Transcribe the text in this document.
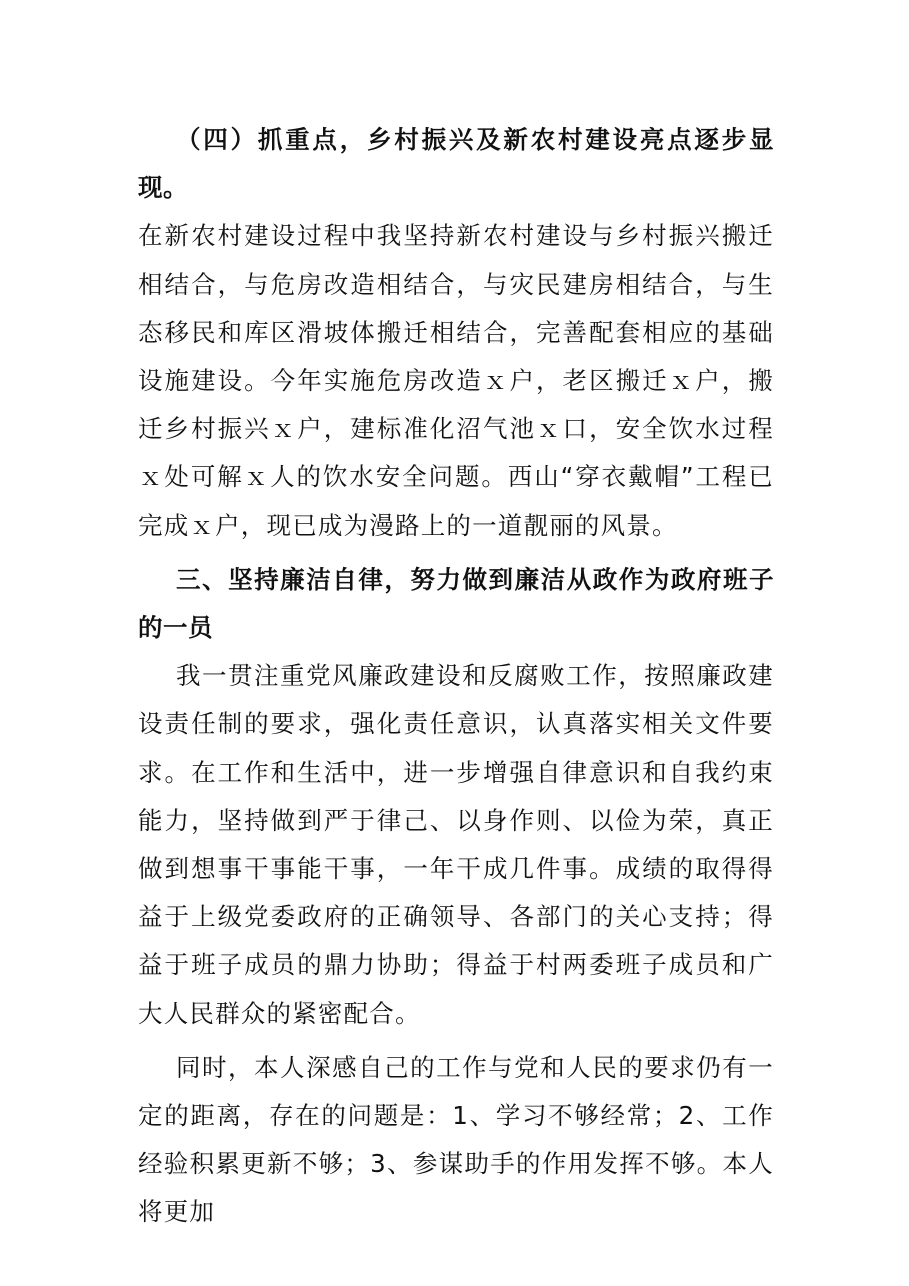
（四）抓重点，乡村振兴及新农村建设亮点逐步显现。

在新农村建设过程中我坚持新农村建设与乡村振兴搬迁相结合，与危房改造相结合，与灾民建房相结合，与生态移民和库区滑坡体搬迁相结合，完善配套相应的基础设施建设。今年实施危房改造ｘ户，老区搬迁ｘ户，搬迁乡村振兴ｘ户，建标准化沼气池ｘ口，安全饮水过程ｘ处可解ｘ人的饮水安全问题。西山“穿衣戴帽”工程已完成ｘ户，现已成为漫路上的一道靓丽的风景。

三、坚持廉洁自律，努力做到廉洁从政作为政府班子的一员

我一贯注重党风廉政建设和反腐败工作，按照廉政建设责任制的要求，强化责任意识，认真落实相关文件要求。在工作和生活中，进一步增强自律意识和自我约束能力，坚持做到严于律己、以身作则、以俭为荣，真正做到想事干事能干事，一年干成几件事。成绩的取得得益于上级党委政府的正确领导、各部门的关心支持；得益于班子成员的鼎力协助；得益于村两委班子成员和广大人民群众的紧密配合。

同时，本人深感自己的工作与党和人民的要求仍有一定的距离，存在的问题是：1、学习不够经常；2、工作经验积累更新不够；3、参谋助手的作用发挥不够。本人将更加
